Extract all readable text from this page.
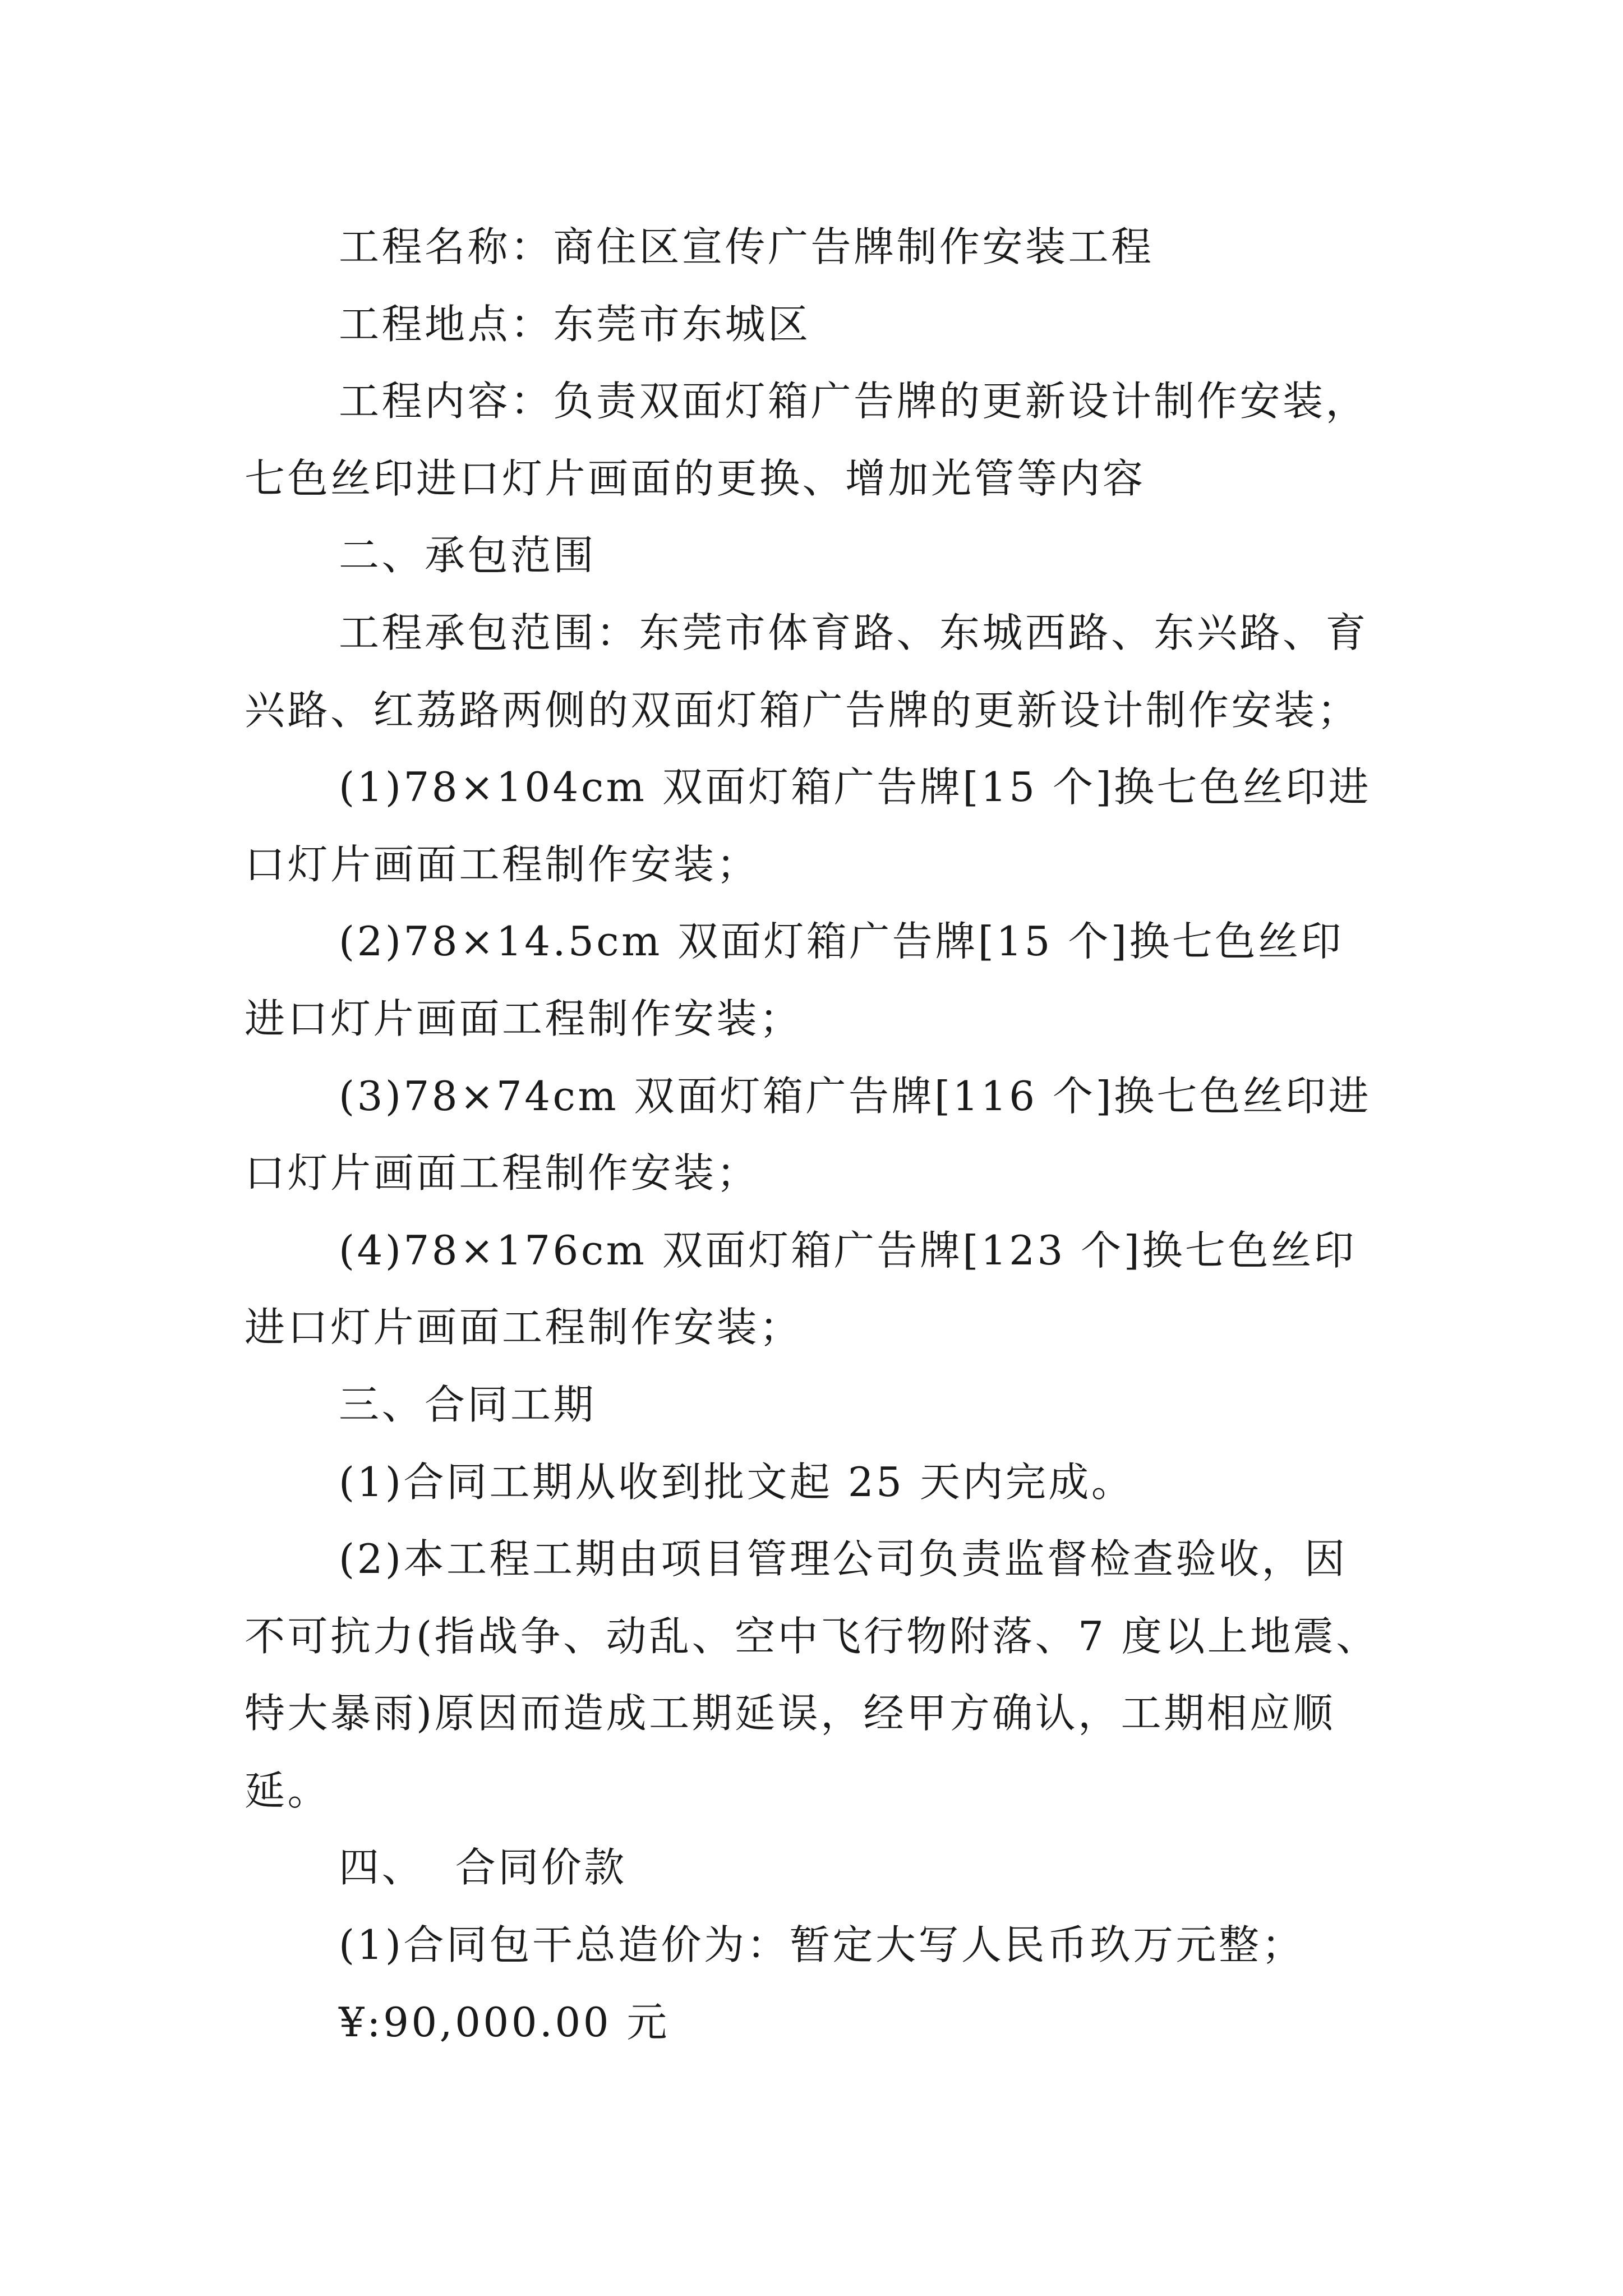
工程名称：商住区宣传广告牌制作安装工程

工程地点：东莞市东城区

工程内容：负责双面灯箱广告牌的更新设计制作安装，七色丝印进口灯片画面的更换、增加光管等内容

二、承包范围

工程承包范围：东莞市体育路、东城西路、东兴路、育兴路、红荔路两侧的双面灯箱广告牌的更新设计制作安装；

(1)78×104cm 双面灯箱广告牌[15 个]换七色丝印进口灯片画面工程制作安装；

(2)78×14.5cm 双面灯箱广告牌[15 个]换七色丝印进口灯片画面工程制作安装；

(3)78×74cm 双面灯箱广告牌[116 个]换七色丝印进口灯片画面工程制作安装；

(4)78×176cm 双面灯箱广告牌[123 个]换七色丝印进口灯片画面工程制作安装；

三、合同工期

(1)合同工期从收到批文起 25 天内完成。

(2)本工程工期由项目管理公司负责监督检查验收，因不可抗力(指战争、动乱、空中飞行物附落、7 度以上地震、特大暴雨)原因而造成工期延误，经甲方确认，工期相应顺延。

四、  合同价款

(1)合同包干总造价为：暂定大写人民币玖万元整；

¥:90,000.00 元
